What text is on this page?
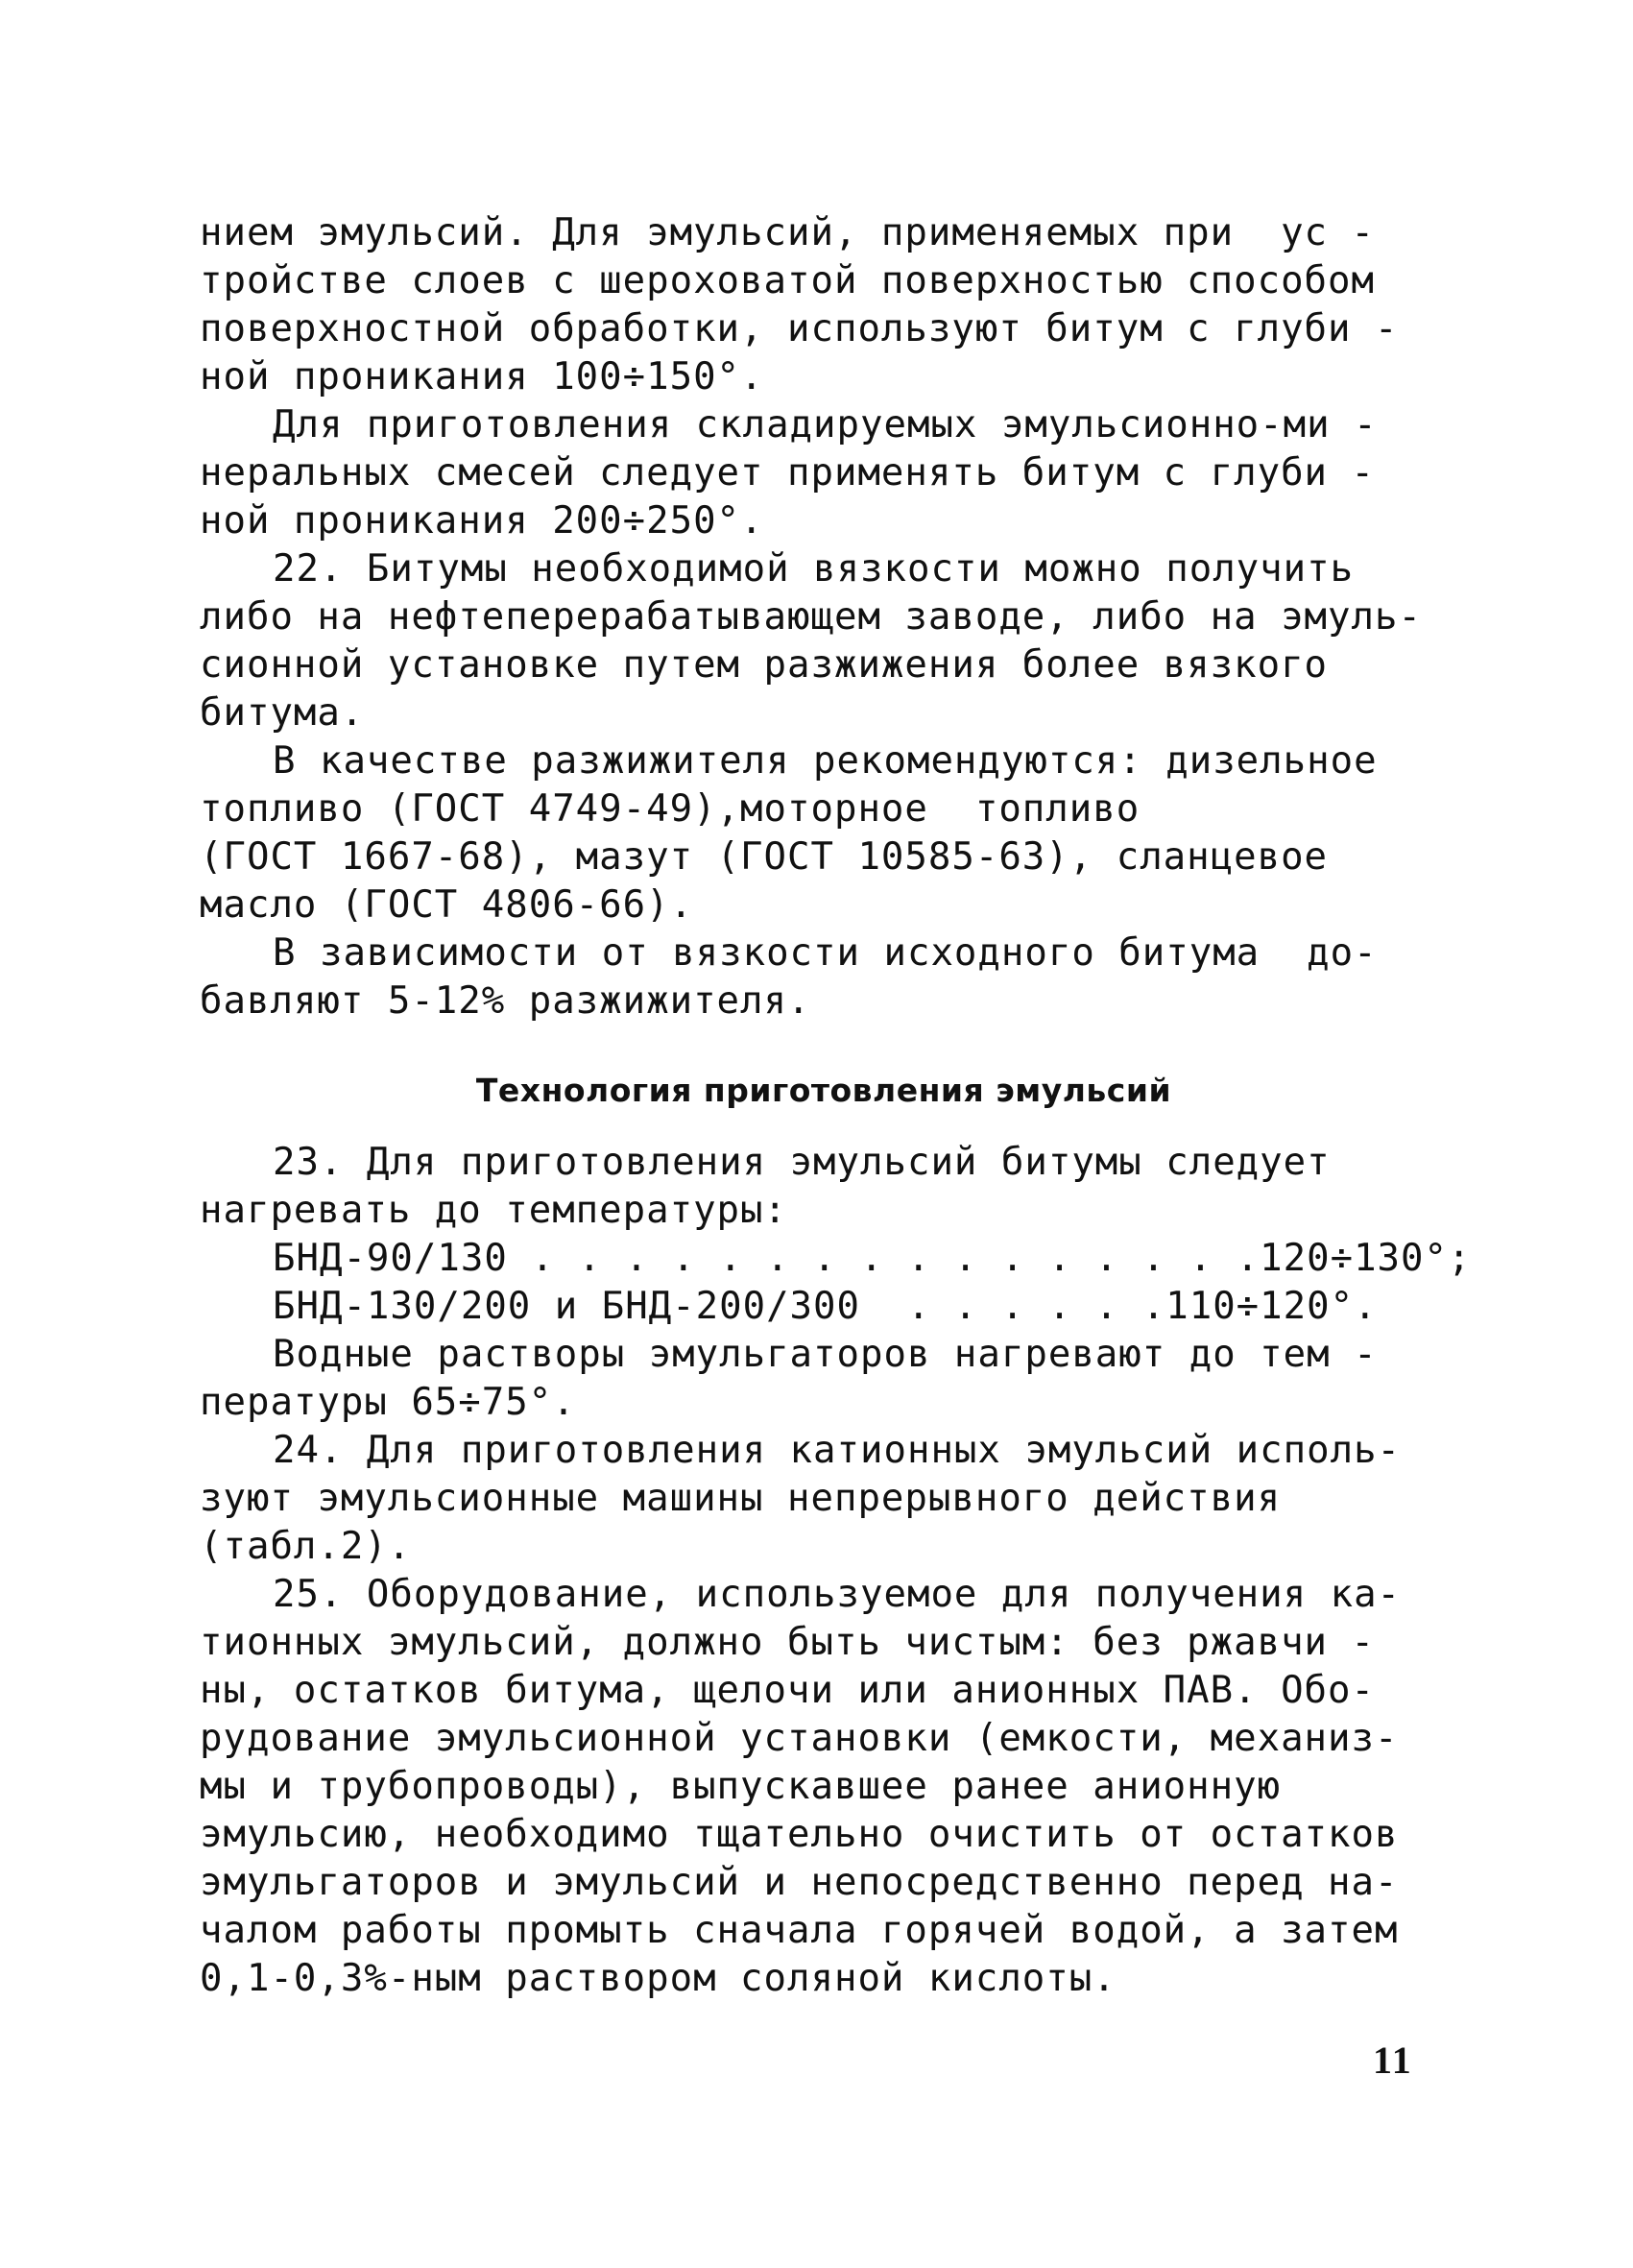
нием эмульсий. Для эмульсий, применяемых при  ус -
тройстве слоев с шероховатой поверхностью способом
поверхностной обработки, используют битум с глуби -
ной проникания 100÷150°.
Для приготовления складируемых эмульсионно-ми -
неральных смесей следует применять битум с глуби -
ной проникания 200÷250°.
22. Битумы необходимой вязкости можно получить
либо на нефтеперерабатывающем заводе, либо на эмуль-
сионной установке путем разжижения более вязкого
битума.
В качестве разжижителя рекомендуются: дизельное
топливо (ГОСТ 4749-49),моторное  топливо
(ГОСТ 1667-68), мазут (ГОСТ 10585-63), сланцевое
масло (ГОСТ 4806-66).
В зависимости от вязкости исходного битума  до-
бавляют 5-12% разжижителя.
Технология приготовления эмульсий
23. Для приготовления эмульсий битумы следует
нагревать до температуры:
БНД-90/130 . . . . . . . . . . . . . . . .120÷130°;
БНД-130/200 и БНД-200/300  . . . . . .110÷120°.
Водные растворы эмульгаторов нагревают до тем -
пературы 65÷75°.
24. Для приготовления катионных эмульсий исполь-
зуют эмульсионные машины непрерывного действия
(табл.2).
25. Оборудование, используемое для получения ка-
тионных эмульсий, должно быть чистым: без ржавчи -
ны, остатков битума, щелочи или анионных ПАВ. Обо-
рудование эмульсионной установки (емкости, механиз-
мы и трубопроводы), выпускавшее ранее анионную
эмульсию, необходимо тщательно очистить от остатков
эмульгаторов и эмульсий и непосредственно перед на-
чалом работы промыть сначала горячей водой, а затем
0,1-0,3%-ным раствором соляной кислоты.
11
